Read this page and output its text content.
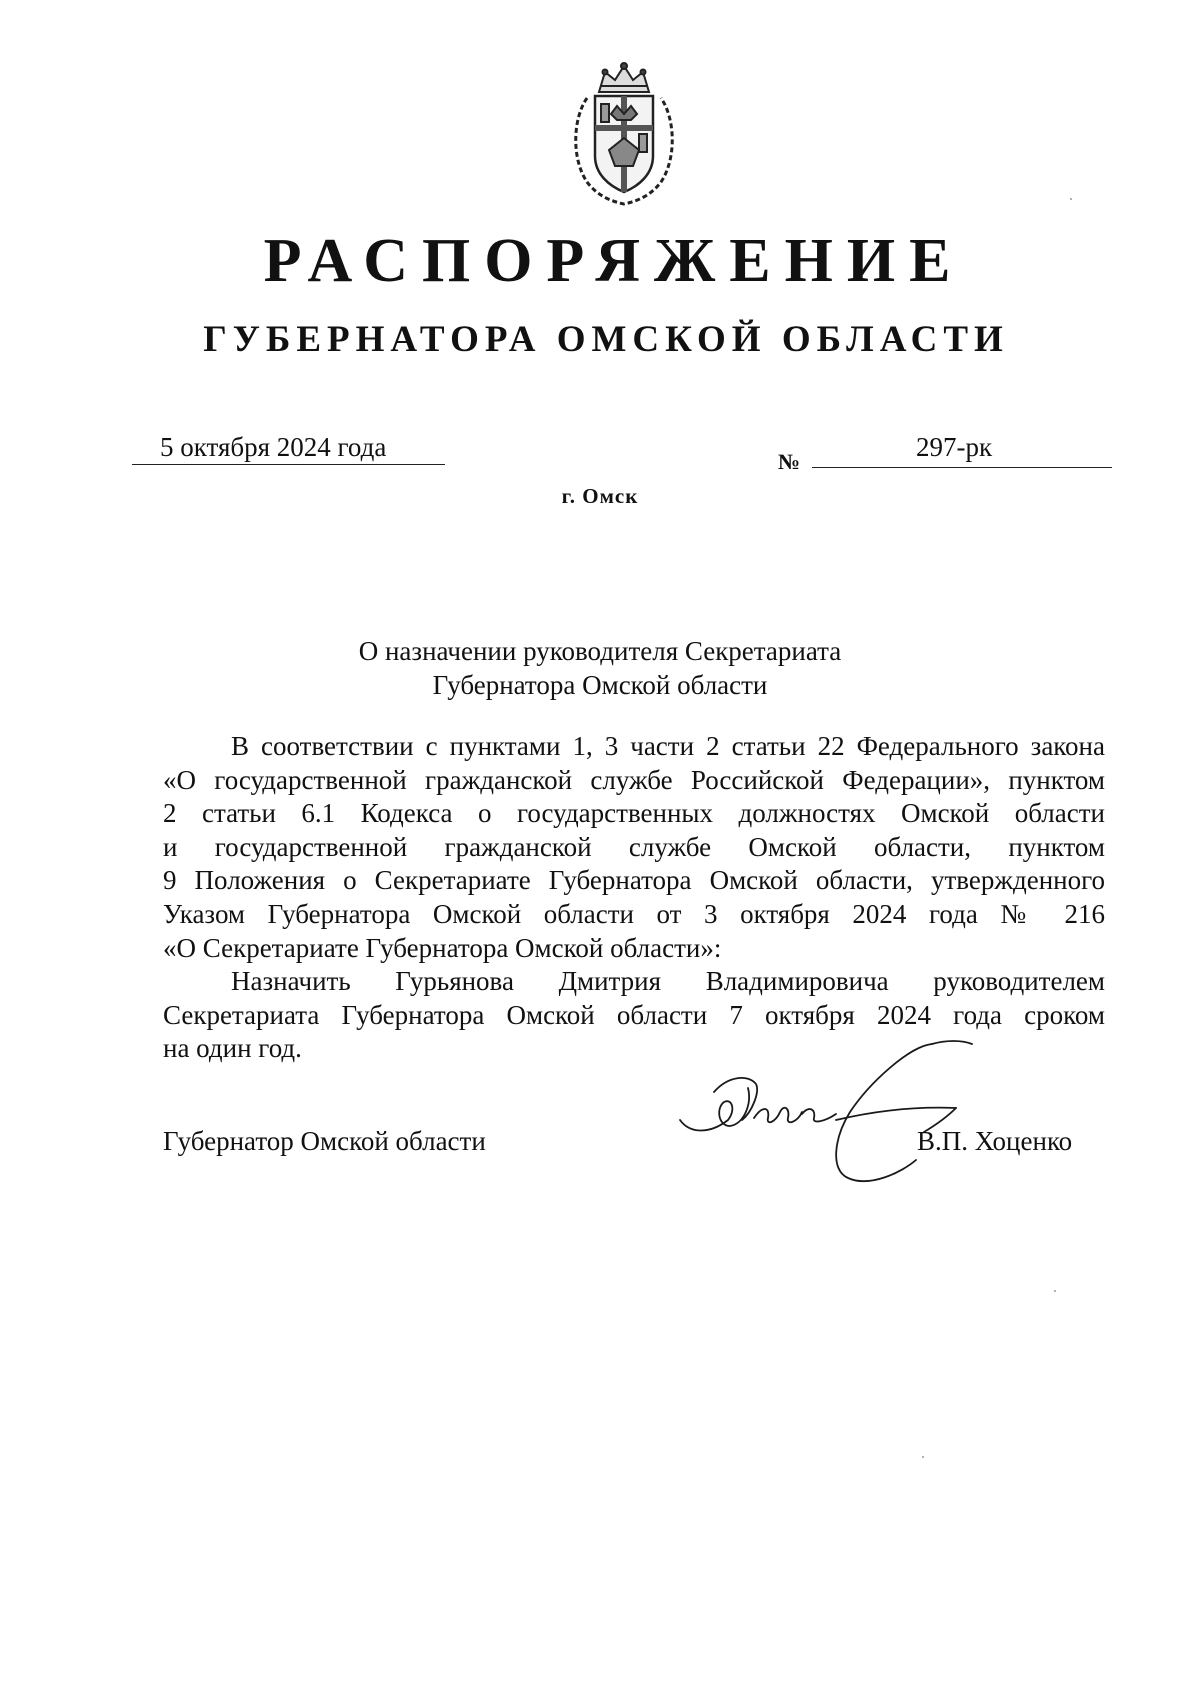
РАСПОРЯЖЕНИЕ
ГУБЕРНАТОРА ОМСКОЙ ОБЛАСТИ
5 октября 2024 года	№	297-рк
г. Омск
О назначении руководителя Секретариата
Губернатора Омской области
В соответствии с пунктами 1, 3 части 2 статьи 22 Федерального закона
«О государственной гражданской службе Российской Федерации», пунктом
2 статьи 6.1 Кодекса о государственных должностях Омской области
и государственной гражданской службе Омской области, пунктом
9 Положения о Секретариате Губернатора Омской области, утвержденного
Указом Губернатора Омской области от 3 октября 2024 года № 216
«О Секретариате Губернатора Омской области»:
Назначить Гурьянова Дмитрия Владимировича руководителем
Секретариата Губернатора Омской области 7 октября 2024 года сроком
на один год.
Губернатор Омской области	В.П. Хоценко
